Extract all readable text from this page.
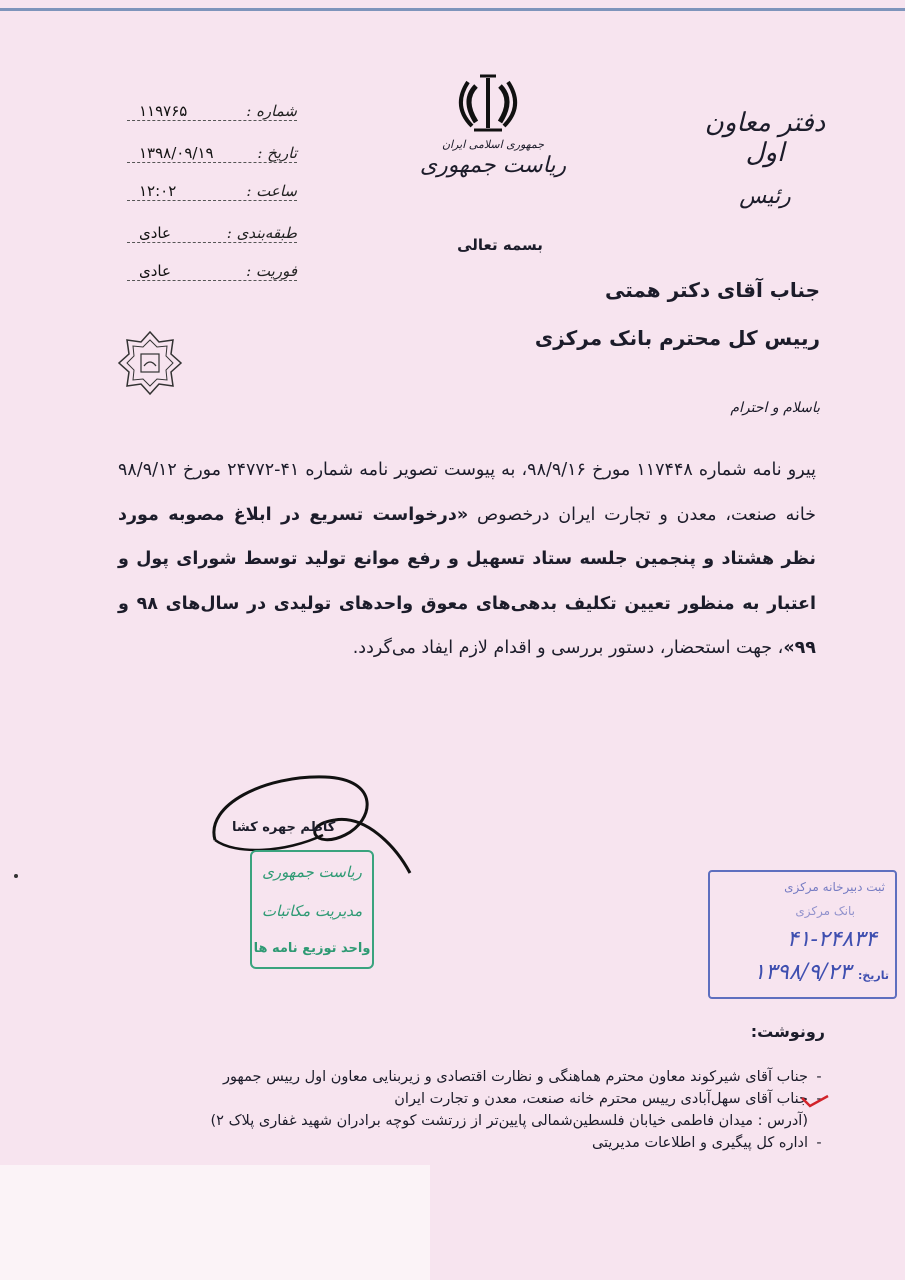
شماره :
۱۱۹۷۶۵
تاریخ :
۱۳۹۸/۰۹/۱۹
ساعت :
۱۲:۰۲
طبقه‌بندی :
عادی
فوریت :
عادی
دفتر معاون اول
رئیس
جمهوری اسلامی ایران
ریاست جمهوری
بسمه تعالی
جناب آقای دکتر همتی
رییس کل محترم بانک مرکزی
باسلام و احترام
پیرو نامه شماره ۱۱۷۴۴۸ مورخ ۹۸/۹/۱۶، به پیوست تصویر نامه شماره ۴۱-۲۴۷۷۲ مورخ ۹۸/۹/۱۲ خانه صنعت، معدن و تجارت ایران درخصوص «درخواست تسریع در ابلاغ مصوبه مورد نظر هشتاد و پنجمین جلسه ستاد تسهیل و رفع موانع تولید توسط شورای پول و اعتبار به منظور تعیین تکلیف بدهی‌های معوق واحدهای تولیدی در سال‌های ۹۸ و ۹۹»، جهت استحضار، دستور بررسی و اقدام لازم ایفاد می‌گردد.
کاظم جهره کشا
ریاست جمهوری
مدیریت مکاتبات
واحد توزیع نامه ها
ثبت دبیرخانه مرکزی
بانک مرکزی
۴۱-۲۴۸۳۴
تاریخ: ۱۳۹۸/۹/۲۳
رونوشت:
-
جناب آقای شیرکوند معاون محترم هماهنگی و نظارت اقتصادی و زیربنایی معاون اول رییس جمهور
-
جناب آقای سهل‌آبادی رییس محترم خانه صنعت، معدن و تجارت ایران
(آدرس : میدان فاطمی خیابان فلسطین‌شمالی پایین‌تر از زرتشت کوچه برادران شهید غفاری پلاک ۲)
-
اداره کل پیگیری و اطلاعات مدیریتی
